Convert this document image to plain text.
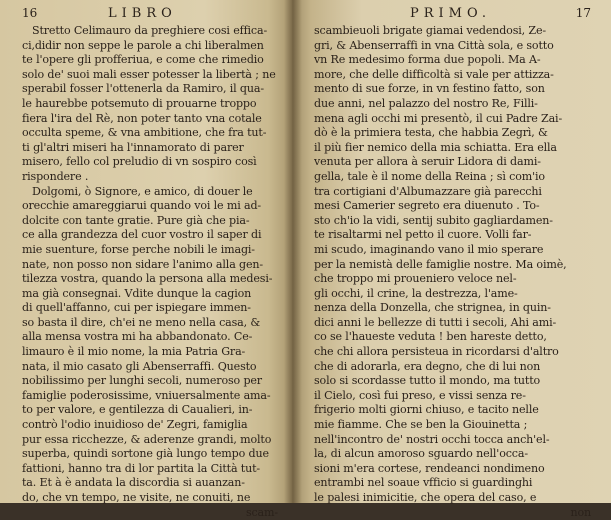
16	LIBRO
Stretto Celimauro da preghiere cosi effica-
ci,didir non seppe le parole a chi liberalmen
te l'opere gli profferiua, e come che rimedio
solo de' suoi mali esser potesser la libertà ; ne
sperabil fosser l'ottenerla da Ramiro, il qua-
le haurebbe potsemuto di prouarne troppo
fiera l'ira del Rè, non poter tanto vna cotale
occulta speme, & vna ambitione, che fra tut-
ti gl'altri miseri ha l'innamorato di parer
misero, fello col preludio di vn sospiro così
rispondere .
Dolgomi, ò Signore, e amico, di douer le
orecchie amareggiarui quando voi le mi ad-
dolcite con tante gratie. Pure già che pia-
ce alla grandezza del cuor vostro il saper di
mie suenture, forse perche nobili le imagi-
nate, non posso non sidare l'animo alla gen-
tilezza vostra, quando la persona alla medesi-
ma già consegnai. Vdite dunque la cagion
di quell'affanno, cui per ispiegare immen-
so basta il dire, ch'ei ne meno nella casa, &
alla mensa vostra mi ha abbandonato. Ce-
limauro è il mio nome, la mia Patria Gra-
nata, il mio casato gli Abenserraffi. Questo
nobilissimo per lunghi secoli, numeroso per
famiglie poderosissime, vniuersalmente ama-
to per valore, e gentilezza di Caualieri, in-
contrò l'odio inuidioso de' Zegri, famiglia
pur essa ricchezze, & aderenze grandi, molto
superba, quindi sortone già lungo tempo due
fattioni, hanno tra di lor partita la Città tut-
ta. Et à è andata la discordia si auanzan-
do, che vn tempo, ne visite, ne conuiti, ne
scam-
PRIMO.	17
scambieuoli brigate giamai vedendosi, Ze-
gri, & Abenserraffi in vna Città sola, e sotto
vn Re medesimo forma due popoli. Ma A-
more, che delle difficoltà si vale per attizza-
mento di sue forze, in vn festino fatto, son
due anni, nel palazzo del nostro Re, Filli-
mena agli occhi mi presentò, il cui Padre Zai-
dò è la primiera testa, che habbia Zegrì, &
il più fier nemico della mia schiatta. Era ella
venuta per allora à seruir Lidora di dami-
gella, tale è il nome della Reina ; sì com'io
tra cortigiani d'Albumazzare già parecchi
mesi Camerier segreto era diuenuto . To-
sto ch'io la vidi, sentij subito gagliardamen-
te risaltarmi nel petto il cuore. Volli far-
mi scudo, imaginando vano il mio sperare
per la nemistà delle famiglie nostre. Ma oimè,
che troppo mi proueniero veloce nel-
gli occhi, il crine, la destrezza, l'ame-
nenza della Donzella, che strignea, in quin-
dici anni le bellezze di tutti i secoli, Ahi ami-
co se l'haueste veduta ! ben hareste detto,
che chi allora persisteua in ricordarsi d'altro
che di adorarla, era degno, che di lui non
solo si scordasse tutto il mondo, ma tutto
il Cielo, così fui preso, e vissi senza re-
frigerio molti giorni chiuso, e tacito nelle
mie fiamme. Che se ben la Giouinetta ;
nell'incontro de' nostri occhi tocca anch'el-
la, di alcun amoroso sguardo nell'occa-
sioni m'era cortese, rendeanci nondimeno
entrambi nel soaue vfficio si guardinghi
le palesi inimicitie, che opera del caso, e
non
